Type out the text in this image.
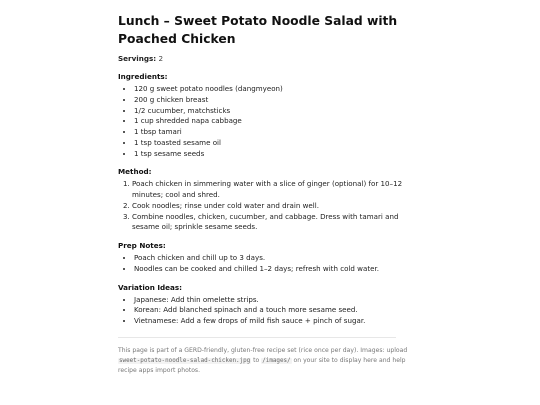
Lunch – Sweet Potato Noodle Salad with Poached Chicken

Servings: 2

Ingredients:
• 120 g sweet potato noodles (dangmyeon)
• 200 g chicken breast
• 1/2 cucumber, matchsticks
• 1 cup shredded napa cabbage
• 1 tbsp tamari
• 1 tsp toasted sesame oil
• 1 tsp sesame seeds
Method:
1. Poach chicken in simmering water with a slice of ginger (optional) for 10–12 minutes; cool and shred.
2. Cook noodles; rinse under cold water and drain well.
3. Combine noodles, chicken, cucumber, and cabbage. Dress with tamari and sesame oil; sprinkle sesame seeds.
Prep Notes:
• Poach chicken and chill up to 3 days.
• Noodles can be cooked and chilled 1–2 days; refresh with cold water.
Variation Ideas:
• Japanese: Add thin omelette strips.
• Korean: Add blanched spinach and a touch more sesame seed.
• Vietnamese: Add a few drops of mild fish sauce + pinch of sugar.

This page is part of a GERD-friendly, gluten-free recipe set (rice once per day). Images: upload sweet-potato-noodle-salad-chicken.jpg to /images/ on your site to display here and help recipe apps import photos.
